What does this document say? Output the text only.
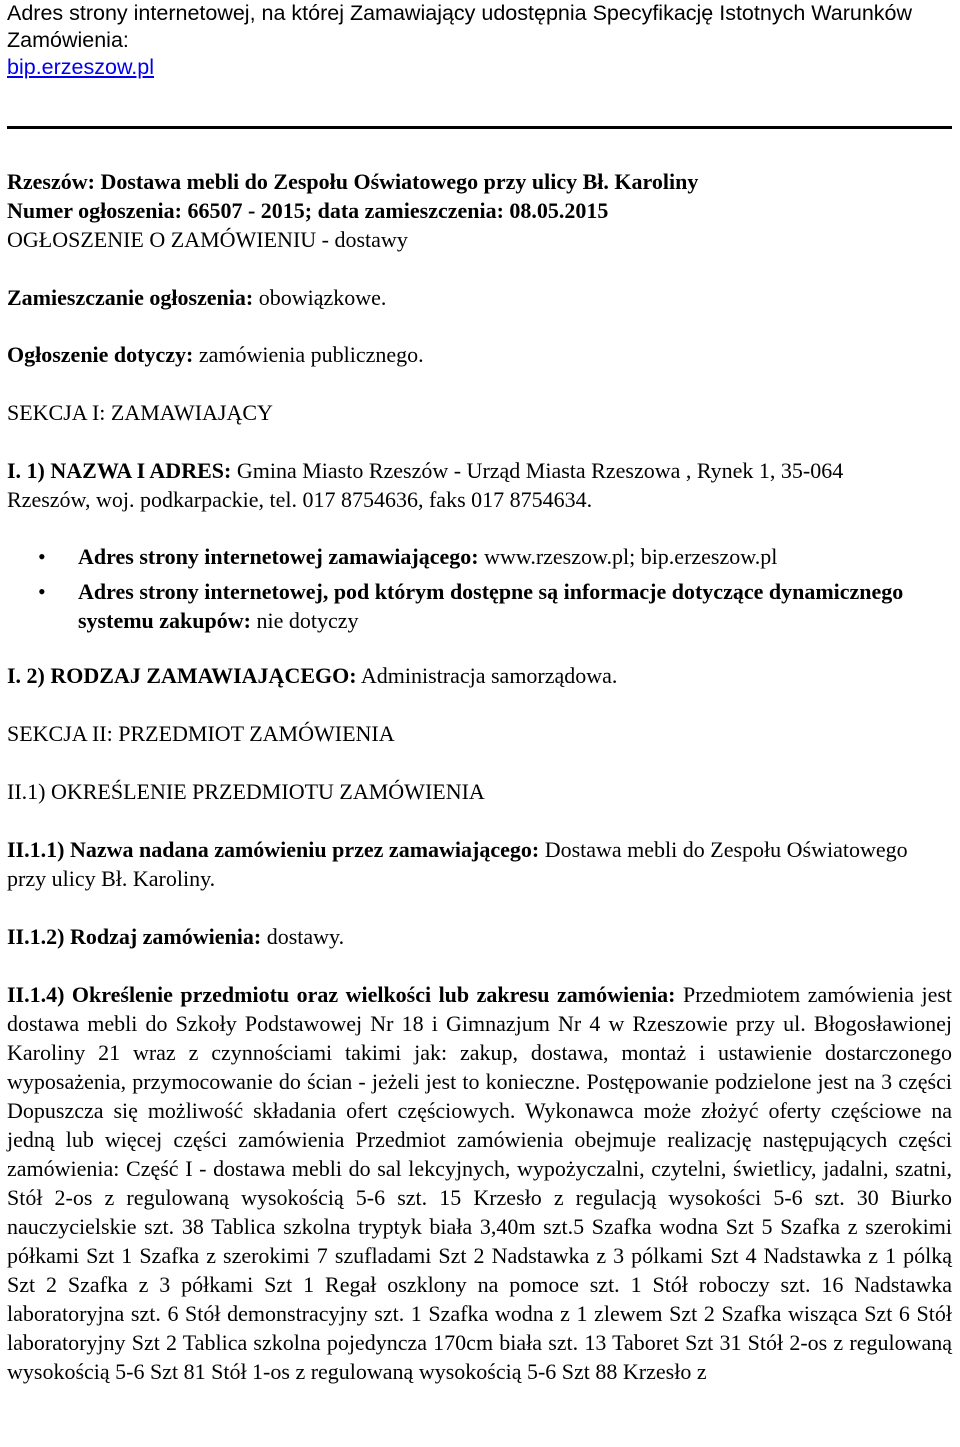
Adres strony internetowej, na której Zamawiający udostępnia Specyfikację Istotnych Warunków Zamówienia:
bip.erzeszow.pl

Rzeszów: Dostawa mebli do Zespołu Oświatowego przy ulicy Bł. Karoliny
Numer ogłoszenia: 66507 - 2015; data zamieszczenia: 08.05.2015

OGŁOSZENIE O ZAMÓWIENIU - dostawy

Zamieszczanie ogłoszenia: obowiązkowe.

Ogłoszenie dotyczy: zamówienia publicznego.

SEKCJA I: ZAMAWIAJĄCY

I. 1) NAZWA I ADRES: Gmina Miasto Rzeszów - Urząd Miasta Rzeszowa , Rynek 1, 35-064 Rzeszów, woj. podkarpackie, tel. 017 8754636, faks 017 8754634.

• Adres strony internetowej zamawiającego: www.rzeszow.pl; bip.erzeszow.pl
• Adres strony internetowej, pod którym dostępne są informacje dotyczące dynamicznego systemu zakupów: nie dotyczy

I. 2) RODZAJ ZAMAWIAJĄCEGO: Administracja samorządowa.

SEKCJA II: PRZEDMIOT ZAMÓWIENIA

II.1) OKREŚLENIE PRZEDMIOTU ZAMÓWIENIA

II.1.1) Nazwa nadana zamówieniu przez zamawiającego: Dostawa mebli do Zespołu Oświatowego przy ulicy Bł. Karoliny.

II.1.2) Rodzaj zamówienia: dostawy.

II.1.4) Określenie przedmiotu oraz wielkości lub zakresu zamówienia: Przedmiotem zamówienia jest dostawa mebli do Szkoły Podstawowej Nr 18 i Gimnazjum Nr 4 w Rzeszowie przy ul. Błogosławionej Karoliny 21 wraz z czynnościami takimi jak: zakup, dostawa, montaż i ustawienie dostarczonego wyposażenia, przymocowanie do ścian - jeżeli jest to konieczne. Postępowanie podzielone jest na 3 części Dopuszcza się możliwość składania ofert częściowych. Wykonawca może złożyć oferty częściowe na jedną lub więcej części zamówienia Przedmiot zamówienia obejmuje realizację następujących części zamówienia: Część I - dostawa mebli do sal lekcyjnych, wypożyczalni, czytelni, świetlicy, jadalni, szatni, Stół 2-os z regulowaną wysokością 5-6 szt. 15 Krzesło z regulacją wysokości 5-6 szt. 30 Biurko nauczycielskie szt. 38 Tablica szkolna tryptyk biała 3,40m szt.5 Szafka wodna Szt 5 Szafka z szerokimi półkami Szt 1 Szafka z szerokimi 7 szufladami Szt 2 Nadstawka z 3 pólkami Szt 4 Nadstawka z 1 pólką Szt 2 Szafka z 3 półkami Szt 1 Regał oszklony na pomoce szt. 1 Stół roboczy szt. 16 Nadstawka laboratoryjna szt. 6 Stół demonstracyjny szt. 1 Szafka wodna z 1 zlewem Szt 2 Szafka wisząca Szt 6 Stół laboratoryjny Szt 2 Tablica szkolna pojedyncza 170cm biała szt. 13 Taboret Szt 31 Stół 2-os z regulowaną wysokością 5-6 Szt 81 Stół 1-os z regulowaną wysokością 5-6 Szt 88 Krzesło z
